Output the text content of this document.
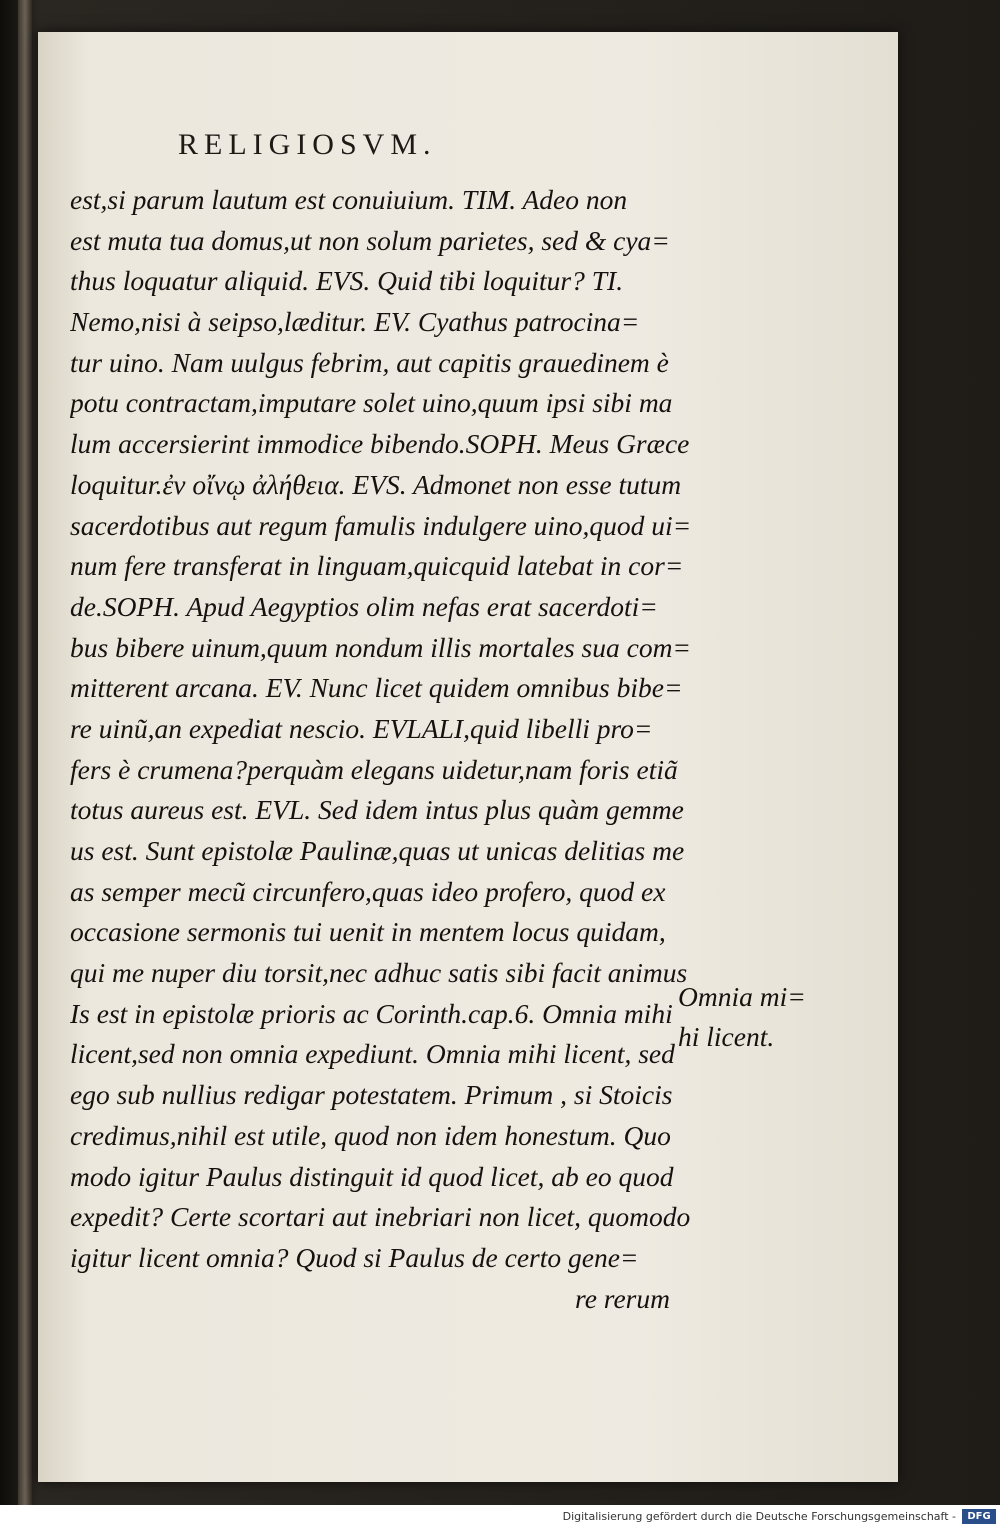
RELIGIOSVM.
est,si parum lautum est conuiuium. TIM. Adeo non
est muta tua domus,ut non solum parietes, sed & cya=
thus loquatur aliquid. EVS. Quid tibi loquitur? TI.
Nemo,nisi à seipso,læditur. EV. Cyathus patrocina=
tur uino. Nam uulgus febrim, aut capitis grauedinem è
potu contractam,imputare solet uino,quum ipsi sibi ma
lum accersierint immodice bibendo.SOPH. Meus Græce
loquitur.ἐν οἴνῳ ἀλήθεια. EVS. Admonet non esse tutum
sacerdotibus aut regum famulis indulgere uino,quod ui=
num fere transferat in linguam,quicquid latebat in cor=
de.SOPH. Apud Aegyptios olim nefas erat sacerdoti=
bus bibere uinum,quum nondum illis mortales sua com=
mitterent arcana. EV. Nunc licet quidem omnibus bibe=
re uinũ,an expediat nescio. EVLALI,quid libelli pro=
fers è crumena?perquàm elegans uidetur,nam foris etiã
totus aureus est. EVL. Sed idem intus plus quàm gemme
us est. Sunt epistolæ Paulinæ,quas ut unicas delitias me
as semper mecũ circunfero,quas ideo profero, quod ex
occasione sermonis tui uenit in mentem locus quidam,
qui me nuper diu torsit,nec adhuc satis sibi facit animus
Is est in epistolæ prioris ac Corinth.cap.6. Omnia mihi
licent,sed non omnia expediunt. Omnia mihi licent, sed
ego sub nullius redigar potestatem. Primum , si Stoicis
credimus,nihil est utile, quod non idem honestum. Quo
modo igitur Paulus distinguit id quod licet, ab eo quod
expedit? Certe scortari aut inebriari non licet, quomodo
igitur licent omnia? Quod si Paulus de certo gene=
re rerum
Omnia mi=
hi licent.
Digitalisierung gefördert durch die Deutsche Forschungsgemeinschaft -	DFG
